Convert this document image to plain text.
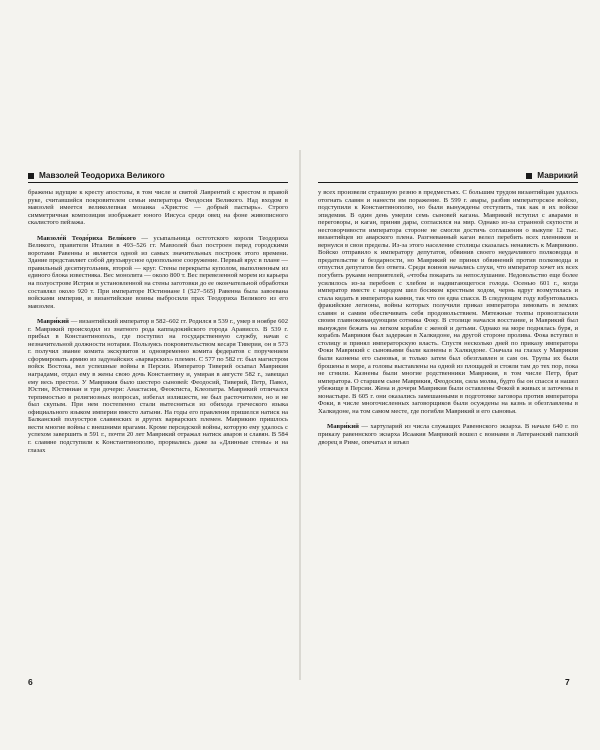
Мавзолей Теодориха Великого

бражены идущие к кресту апостолы, в том числе и святой Лаврентий с крестом в правой руке, считавшийся покровителем семьи императора Феодосия Великого. Над входом в мавзолей имеется великолепная мозаика «Христос — добрый пастырь». Строго симметричная композиция изображает юного Иисуса среди овец на фоне живописного скалистого пейзажа.

Мавзоле́й Теодо́риха Вели́кого — усыпальница остготского короля Теодориха Великого, правителя Италии в 493–526 гг. Мавзолей был построен перед городскими воротами Равенны и является одной из самых значительных построек этого времени. Здание представляет собой двухъярусное однопольное сооружение. Первый ярус в плане — правильный десятиугольник, второй — круг. Стены перекрыты куполом, выполненным из единого блока известняка. Вес монолита — около 800 т. Вес перевезенной морем из карьера на полуострове Истрия и установленной на стены заготовки до ее окончательной обработки составлял около 920 т. При императоре Юстиниане I (527–565) Равенна была завоевана войсками империи, и византийские воины выбросили прах Теодориха Великого из его мавзолея.

Маври́кий — византийский император в 582–602 гг. Родился в 539 г., умер в ноябре 602 г. Маврикий происходил из знатного рода каппадокийского города Арависсо. В 539 г. прибыл в Константинополь, где поступил на государственную службу, начав с незначительной должности нотария. Пользуясь покровительством кесаря Тиверия, он в 573 г. получил звание комита экскувитов и одновременно комита федератов с поручением сформировать армию из задунайских «варварских» племен. С 577 по 582 гг. был магистром войск Востока, вел успешные войны в Персии. Император Тиверий осыпал Маврикия наградами, отдал ему в жены свою дочь Константину и, умирая в августе 582 г., завещал ему весь престол. У Маврикия было шестеро сыновей: Феодосий, Тиверий, Петр, Павел, Юстин, Юстиниан и три дочери: Анастасия, Феоктиста, Клеопатра. Маврикий отличался терпимостью в религиозных вопросах, избегал излишеств, не был расточителен, но и не был скупым. При нем постепенно стали вытесняться из обихода греческого языка официального языком империи вместо латыни. На годы его правления пришелся натиск на Балканский полуостров славянских и других варварских племен. Маврикию пришлось вести многие войны с внешними врагами. Кроме персидской войны, которую ему удалось с успехом завершить в 591 г., почти 20 лет Маврикий отражал натиск аваров и славян. В 584 г. славяне подступили к Константинополю, прорвались даже за «Длинные стены» и на глазах

Маврикий

у всех произвели страшную резню в предместьях. С большим трудом византийцам удалось отогнать славян и нанести им поражение. В 599 г. авары, разбив императорское войско, подступили к Константинополю, но были вынуждены отступить, так как в их войске эпидемия. В один день умерли семь сыновей кагана. Маврикий вступил с аварами в переговоры, и каган, приняв дары, согласился на мир. Однако из-за странной скупости и несговорчивости императора стороне не смогли достичь соглашения о выкупе 12 тыс. византийцев из аварского плена. Разгневанный каган велел перебить всех пленников и вернулся в свои пределы. Из-за этого население столицы сказалась ненависть к Маврикию. Войско отправило к императору депутатов, обвинив своего неудачливого полководца в предательстве и бездарности, но Маврикий не принял обвинений против полководца и отпустил депутатов без ответа. Среди воинов начались слухи, что император хочет их всех погубить руками неприятелей, «чтобы покарать за непослушание. Недовольство еще более усилилось из-за перебоев с хлебом и надвигающегося голода. Осенью 601 г., когда император вместе с народом шел босиком крестным ходом, чернь вдруг возмутилась и стала кидать в императора камни, так что он едва спасся. В следующем году взбунтовались фракийские легионы, войны которых получили приказ императора зимовать в землях славян и самим обеспечивать себя продовольствием. Мятежные толпы провозгласили своим главнокомандующим сотника Фоку. В столице начался восстание, и Маврикий был вынужден бежать на легком корабле с женой и детьми. Однако на море поднялась буря, и корабль Маврикия был задержан в Халкидоне, на другой стороне пролива. Фока вступил в столицу и принял императорскую власть. Спустя несколько дней по приказу императора Фоки Маврикий с сыновьями были казнены в Халкидоне. Сначала на глазах у Маврикия были казнены его сыновья, и только затем был обезглавлен и сам он. Трупы их были брошены в море, а головы выставлены на одной из площадей и стояли там до тех пор, пока не сгнили. Казнены были многие родственники Маврикия, в том числе Петр, брат императора. О старшем сыне Маврикия, Феодосии, сила молва, будто бы он спасся и нашел убежище в Персии. Жена и дочери Маврикия были оставлены Фокой в живых и заточены в монастыре. В 605 г. они оказались замешанными в подготовке заговора против императора Фоки, в числе многочисленных заговорщиков были осуждены на казнь и обезглавлены в Халкидоне, на том самом месте, где погибли Маврикий и его сыновья.

Маври́кий — хартуларий из числа служащих Равеннского экзарха. В начале 640 г. по приказу равеннского экзарха Исаакия Маврикий вошел с воинами в Латеранский папский дворец в Риме, опечатал и изъял

6	7
